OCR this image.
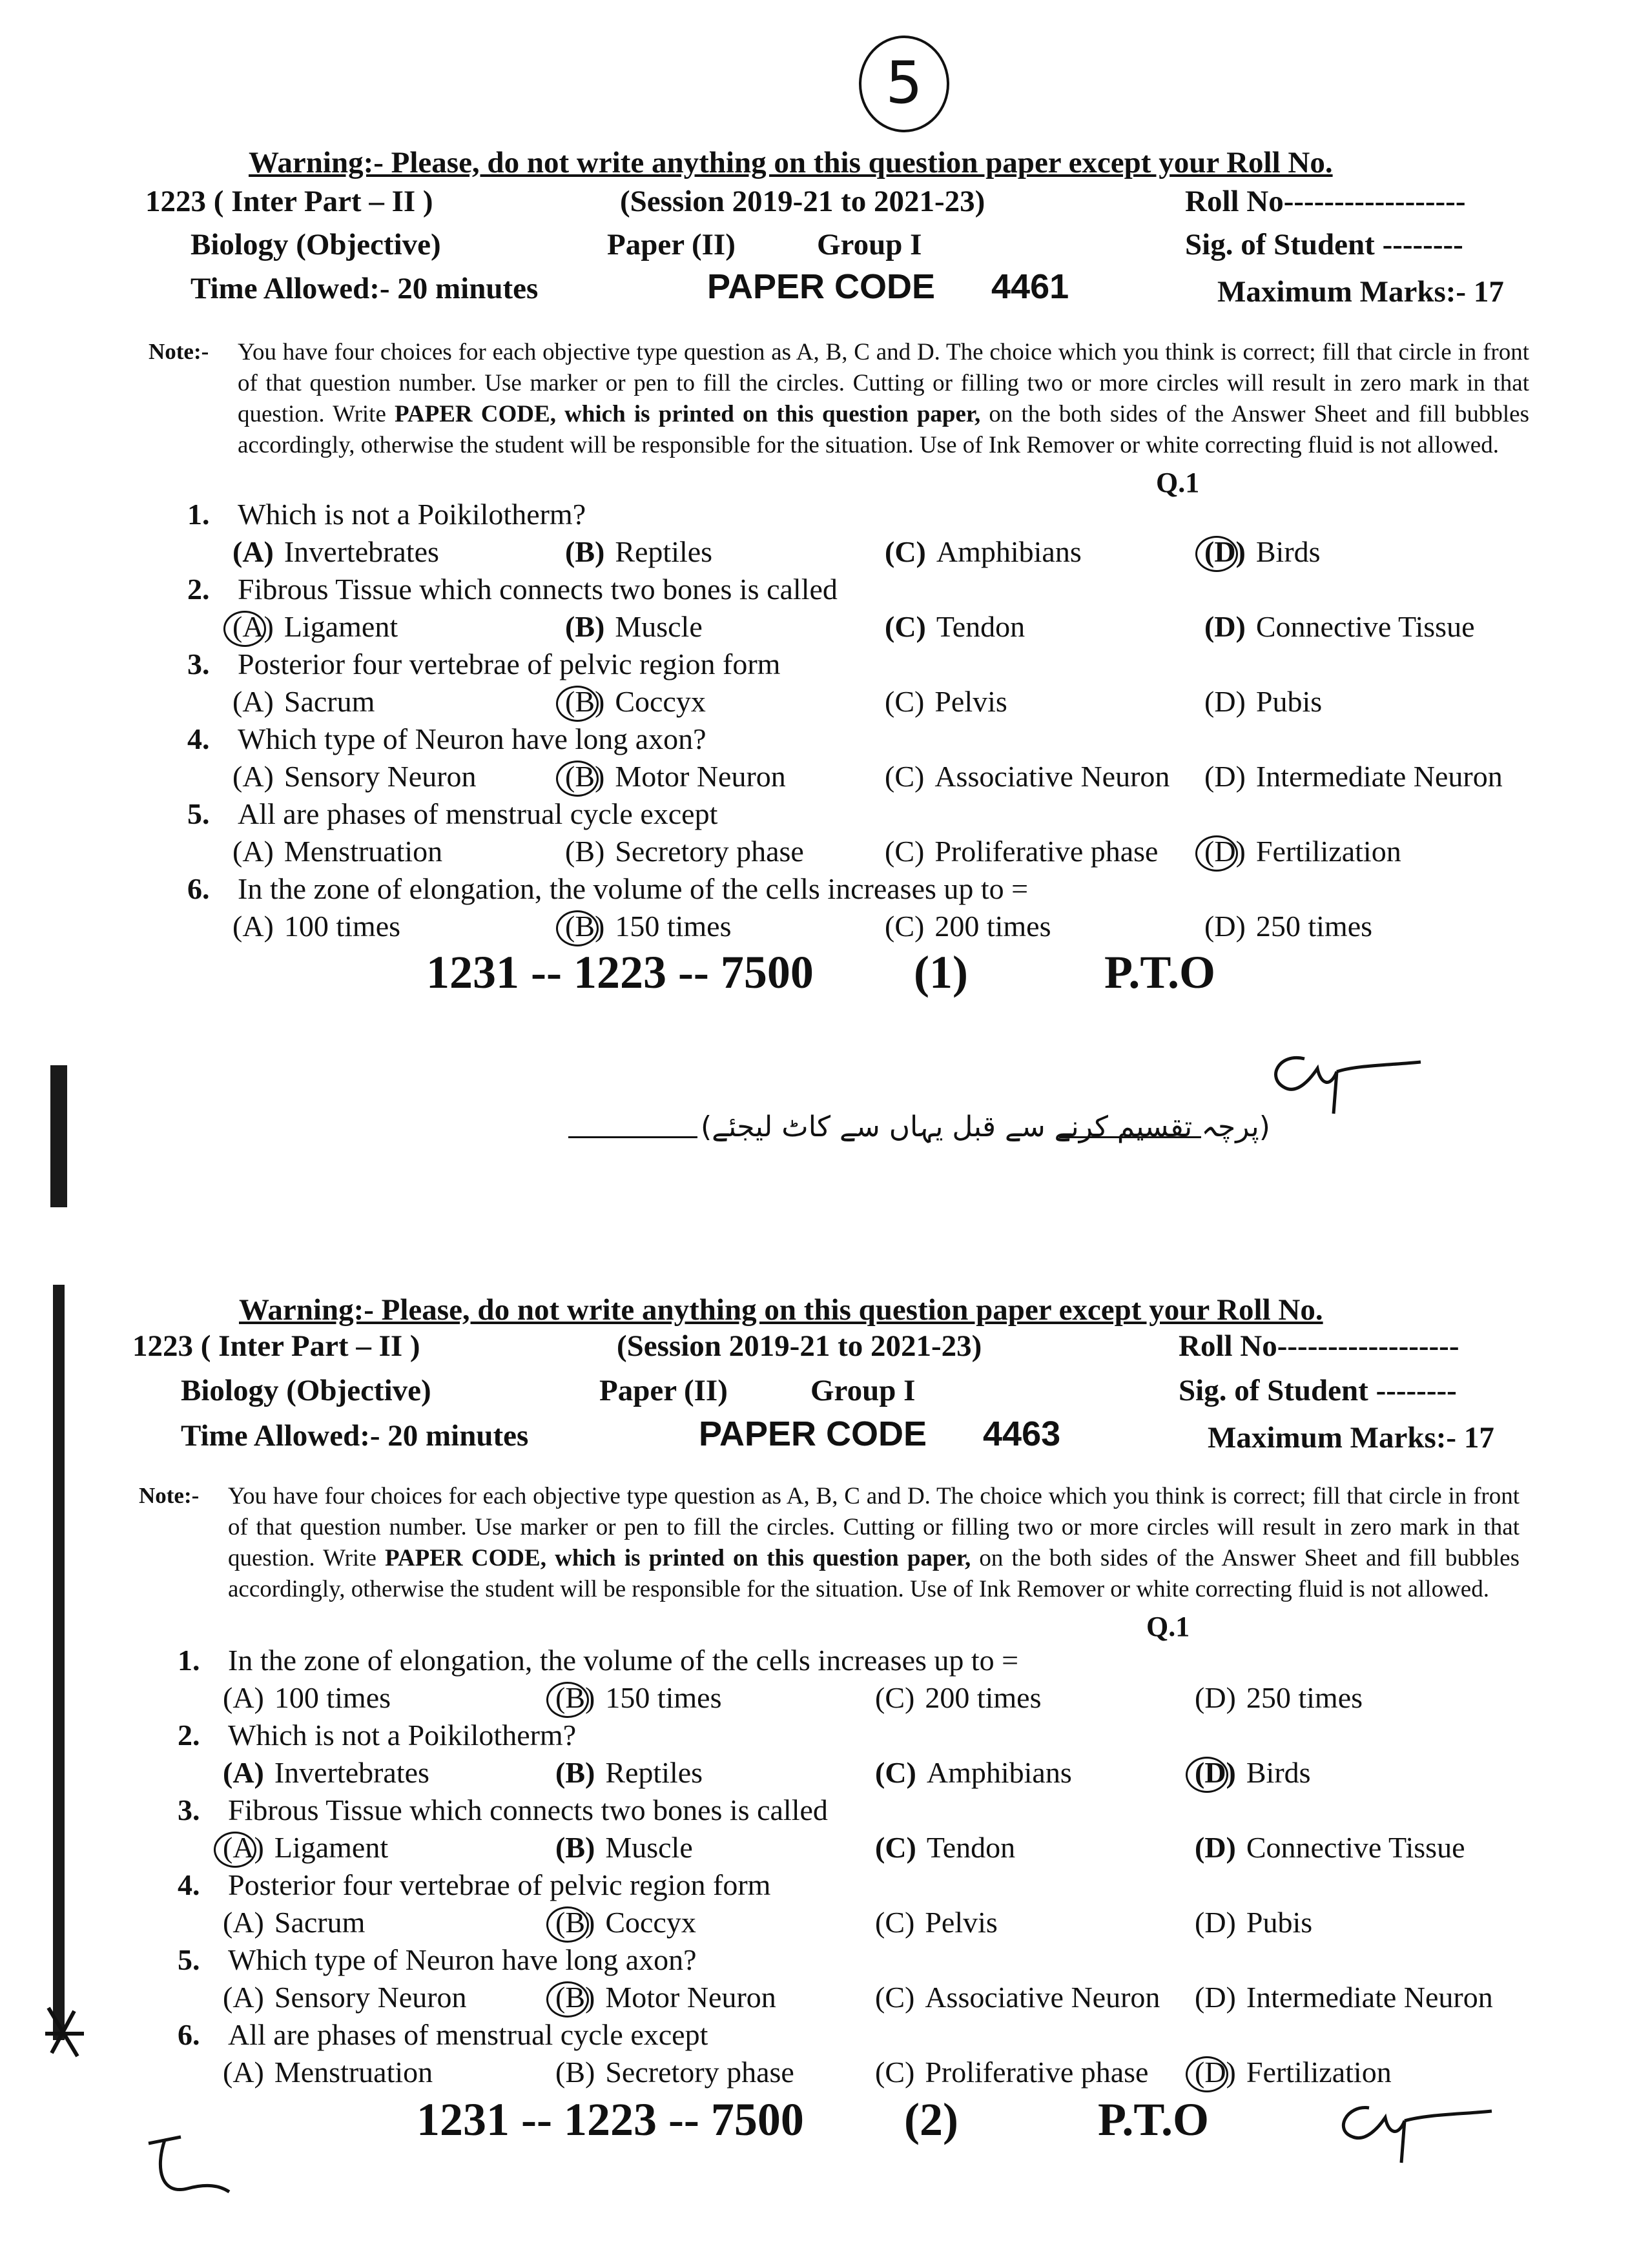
5
Warning:- Please, do not write anything on this question paper except your Roll No.
1223 ( Inter Part – II )	(Session 2019-21 to 2021-23)	Roll No------------------
Biology (Objective)	Paper (II)	Group I	Sig. of Student --------
Time Allowed:- 20 minutes	PAPER CODE 4461	Maximum Marks:- 17
Note:- You have four choices for each objective type question as A, B, C and D. The choice which you think is correct; fill that circle in front of that question number. Use marker or pen to fill the circles. Cutting or filling two or more circles will result in zero mark in that question. Write PAPER CODE, which is printed on this question paper, on the both sides of the Answer Sheet and fill bubbles accordingly, otherwise the student will be responsible for the situation. Use of Ink Remover or white correcting fluid is not allowed.
Q.1
1. Which is not a Poikilotherm?
(A) Invertebrates	(B) Reptiles	(C) Amphibians	(D) Birds
2. Fibrous Tissue which connects two bones is called
(A) Ligament	(B) Muscle	(C) Tendon	(D) Connective Tissue
3. Posterior four vertebrae of pelvic region form
(A) Sacrum	(B) Coccyx	(C) Pelvis	(D) Pubis
4. Which type of Neuron have long axon?
(A) Sensory Neuron	(B) Motor Neuron	(C) Associative Neuron (D) Intermediate Neuron
5. All are phases of menstrual cycle except
(A) Menstruation	(B) Secretory phase	(C) Proliferative phase (D) Fertilization
6. In the zone of elongation, the volume of the cells increases up to =
(A) 100 times	(B) 150 times	(C) 200 times	(D) 250 times
1231 -- 1223 -- 7500 (1)	P.T.O
(پرچہ تقسیم کرنے سے قبل یہاں سے کاٹ لیجئے)
Warning:- Please, do not write anything on this question paper except your Roll No.
1223 ( Inter Part – II )	(Session 2019-21 to 2021-23)	Roll No------------------
Biology (Objective)	Paper (II)	Group I	Sig. of Student --------
Time Allowed:- 20 minutes	PAPER CODE 4463	Maximum Marks:- 17
Note:- You have four choices for each objective type question as A, B, C and D. The choice which you think is correct; fill that circle in front of that question number. Use marker or pen to fill the circles. Cutting or filling two or more circles will result in zero mark in that question. Write PAPER CODE, which is printed on this question paper, on the both sides of the Answer Sheet and fill bubbles accordingly, otherwise the student will be responsible for the situation. Use of Ink Remover or white correcting fluid is not allowed.
Q.1
1. In the zone of elongation, the volume of the cells increases up to =
(A) 100 times	(B) 150 times	(C) 200 times	(D) 250 times
2. Which is not a Poikilotherm?
(A) Invertebrates	(B) Reptiles	(C) Amphibians	(D) Birds
3. Fibrous Tissue which connects two bones is called
(A) Ligament	(B) Muscle	(C) Tendon	(D) Connective Tissue
4. Posterior four vertebrae of pelvic region form
(A) Sacrum	(B) Coccyx	(C) Pelvis	(D) Pubis
5. Which type of Neuron have long axon?
(A) Sensory Neuron	(B) Motor Neuron	(C) Associative Neuron (D) Intermediate Neuron
6. All are phases of menstrual cycle except
(A) Menstruation	(B) Secretory phase	(C) Proliferative phase (D) Fertilization
1231 -- 1223 -- 7500 (2)	P.T.O
